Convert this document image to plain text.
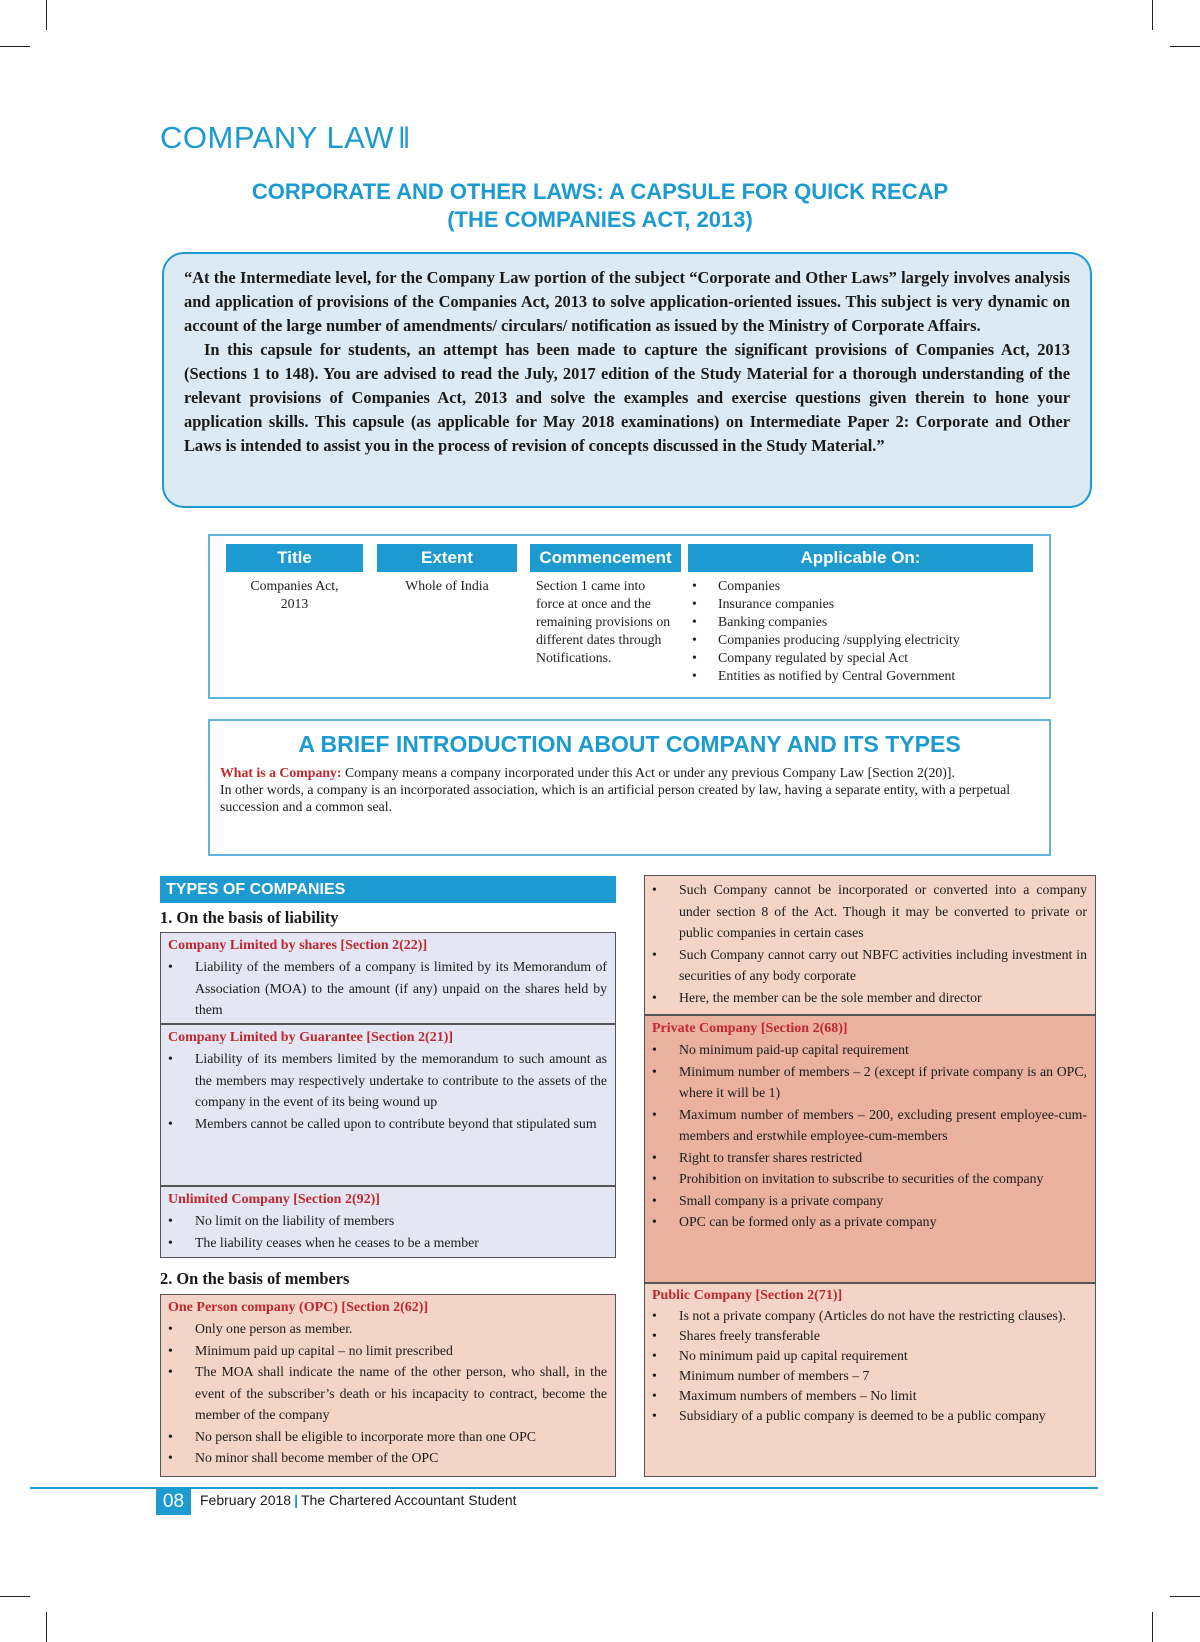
COMPANY LAW ‖
CORPORATE AND OTHER LAWS: A CAPSULE FOR QUICK RECAP
(THE COMPANIES ACT, 2013)

“At the Intermediate level, for the Company Law portion of the subject “Corporate and Other Laws” largely involves analysis and application of provisions of the Companies Act, 2013 to solve application-oriented issues. This subject is very dynamic on account of the large number of amendments/ circulars/ notification as issued by the Ministry of Corporate Affairs.

In this capsule for students, an attempt has been made to capture the significant provisions of Companies Act, 2013 (Sections 1 to 148). You are advised to read the July, 2017 edition of the Study Material for a thorough understanding of the relevant provisions of Companies Act, 2013 and solve the examples and exercise questions given therein to hone your application skills. This capsule (as applicable for May 2018 examinations) on Intermediate Paper 2: Corporate and Other Laws is intended to assist you in the process of revision of concepts discussed in the Study Material.”

Title
Companies Act, 2013
Extent
Whole of India
Commencement
Section 1 came into force at once and the remaining provisions on different dates through Notifications.
Applicable On:
• Companies
• Insurance companies
• Banking companies
• Companies producing /supplying electricity
• Company regulated by special Act
• Entities as notified by Central Government
A BRIEF INTRODUCTION ABOUT COMPANY AND ITS TYPES

What is a Company: Company means a company incorporated under this Act or under any previous Company Law [Section 2(20)].

In other words, a company is an incorporated association, which is an artificial person created by law, having a separate entity, with a perpetual succession and a common seal.

TYPES OF COMPANIES
1. On the basis of liability
Company Limited by shares [Section 2(22)]
• Liability of the members of a company is limited by its Memorandum of Association (MOA) to the amount (if any) unpaid on the shares held by them
Company Limited by Guarantee [Section 2(21)]
• Liability of its members limited by the memorandum to such amount as the members may respectively undertake to contribute to the assets of the company in the event of its being wound up
• Members cannot be called upon to contribute beyond that stipulated sum
Unlimited Company [Section 2(92)]
• No limit on the liability of members
• The liability ceases when he ceases to be a member
2. On the basis of members
One Person company (OPC) [Section 2(62)]
• Only one person as member.
• Minimum paid up capital – no limit prescribed
• The MOA shall indicate the name of the other person, who shall, in the event of the subscriber’s death or his incapacity to contract, become the member of the company
• No person shall be eligible to incorporate more than one OPC
• No minor shall become member of the OPC
• Such Company cannot be incorporated or converted into a company under section 8 of the Act. Though it may be converted to private or public companies in certain cases
• Such Company cannot carry out NBFC activities including investment in securities of any body corporate
• Here, the member can be the sole member and director
Private Company [Section 2(68)]
• No minimum paid-up capital requirement
• Minimum number of members – 2 (except if private company is an OPC, where it will be 1)
• Maximum number of members – 200, excluding present employee-cum-members and erstwhile employee-cum-members
• Right to transfer shares restricted
• Prohibition on invitation to subscribe to securities of the company
• Small company is a private company
• OPC can be formed only as a private company
Public Company [Section 2(71)]
• Is not a private company (Articles do not have the restricting clauses).
• Shares freely transferable
• No minimum paid up capital requirement
• Minimum number of members – 7
• Maximum numbers of members – No limit
• Subsidiary of a public company is deemed to be a public company
08	February 2018 | The Chartered Accountant Student
